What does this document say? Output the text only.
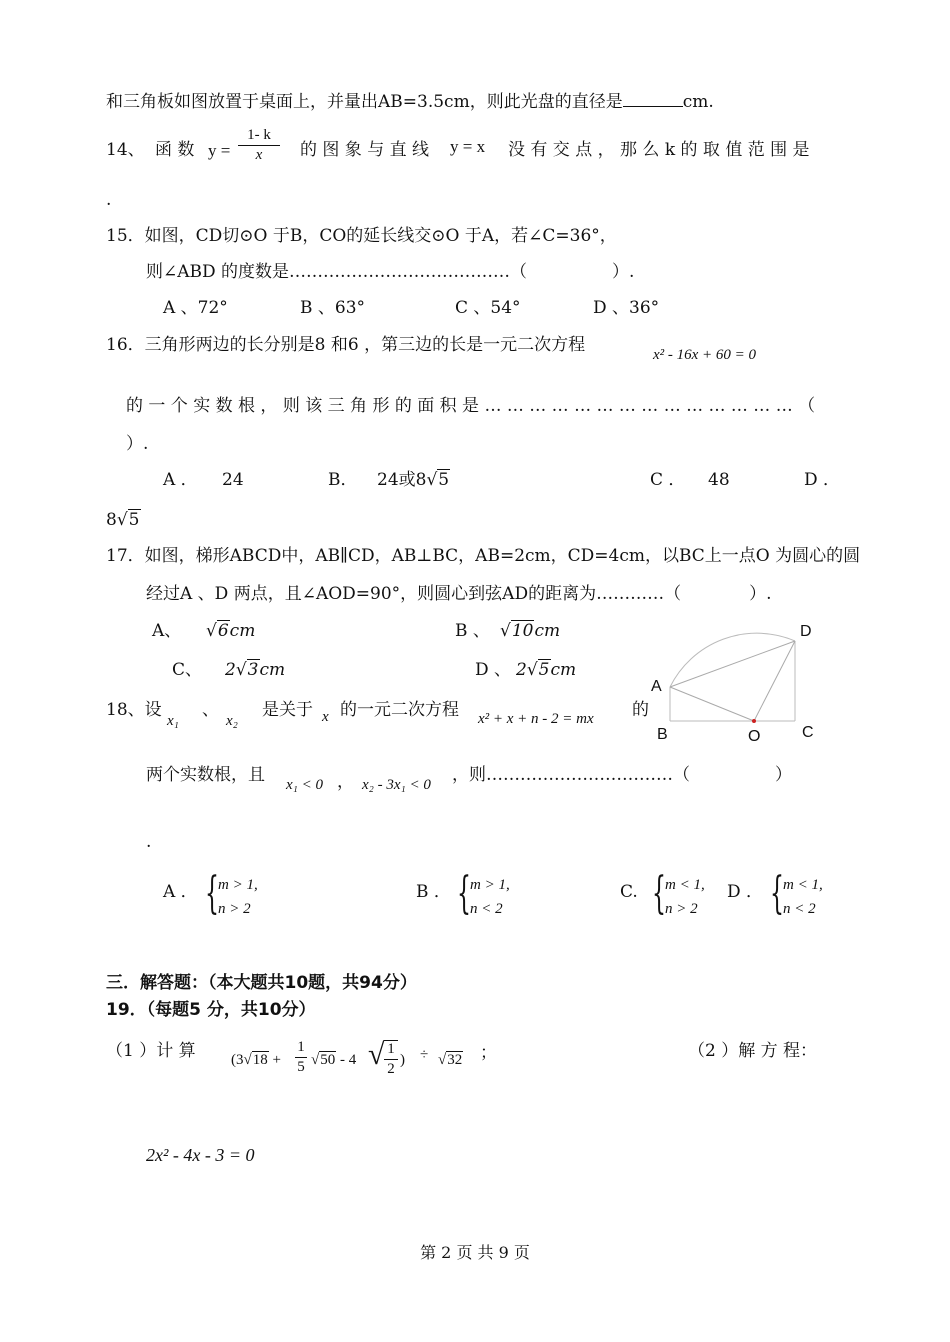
和三角板如图放置于桌面上，并量出AB=3.5cm，则此光盘的直径是	cm.
14、 函 数 y =
1- k
x	的 图 象 与 直 线 y = x 没 有 交 点 ， 那 么 k 的 取 值 范 围 是
.
15．如图，CD切⊙O 于B，CO的延长线交⊙O 于A，若∠C=36°，
则∠ABD 的度数是…………………………………（　　　　　）.
A 、72°	B 、63°	C 、54°	D 、36°
16．三角形两边的长分别是8 和6 ，第三边的长是一元二次方程	x² - 16x + 60 = 0
的 一 个 实 数 根 ， 则 该 三 角 形 的 面 积 是 … … … … … … … … … … … … … … （
）.
A ． 24	B． 24或8√5	C ． 48	D ．
8√5
17．如图，梯形ABCD中，AB∥CD，AB⊥BC，AB=2cm，CD=4cm，以BC上一点O 为圆心的圆
经过A 、D 两点，且∠AOD=90°，则圆心到弦AD的距离为…………（　　　　）.
A、 √6cm	B 、 √10cm
C、 2√3cm	D 、 2√5cm
A
B	C
D
O
18、设
x₁
、
x₂
是关于 x 的一元二次方程 x² + x + n - 2 = mx 的
两个实数根，且 x₁ < 0 ， x₂ - 3x₁ < 0 ，则……………………………（　　　　　）
.
A ． { m > 1,
n > 2
B ． { m > 1,
n < 2
C. { m < 1,
n > 2
D ． { m < 1,
n < 2
三．解答题：（本大题共10题，共94分）
19．（每题5 分，共10分）
（1 ）计 算 (3√18 +
1
5 √50 - 4 √ 1
2
) ÷ √32 ；	（2 ）解 方 程：
2x² - 4x - 3 = 0
第 2 页 共 9 页
